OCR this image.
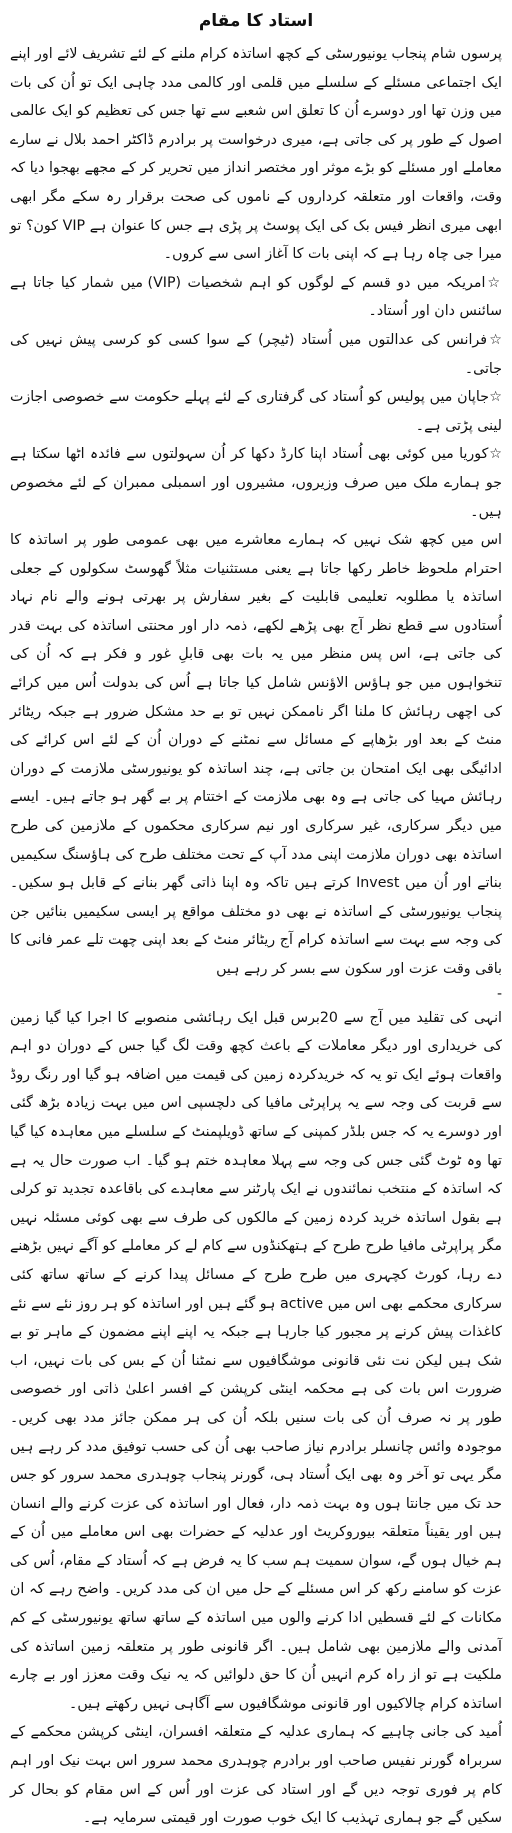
استاد کا مقام

پرسوں شام پنجاب یونیورسٹی کے کچھ اساتذہ کرام ملنے کے لئے تشریف لائے اور اپنے ایک اجتماعی مسئلے کے سلسلے میں قلمی اور کالمی مدد چاہی ایک تو اُن کی بات میں وزن تھا اور دوسرے اُن کا تعلق اس شعبے سے تھا جس کی تعظیم کو ایک عالمی اصول کے طور پر کی جاتی ہے، میری درخواست پر برادرم ڈاکٹر احمد بلال نے سارے معاملے اور مسئلے کو بڑے موثر اور مختصر انداز میں تحریر کر کے مجھے بھجوا دیا کہ وقت، واقعات اور متعلقہ کرداروں کے ناموں کی صحت برقرار رہ سکے مگر ابھی ابھی میری انظر فیس بک کی ایک پوسٹ پر پڑی ہے جس کا عنوان ہے VIP کون؟ تو میرا جی چاہ رہا ہے کہ اپنی بات کا آغاز اسی سے کروں۔

☆امریکہ میں دو قسم کے لوگوں کو اہم شخصیات (VIP) میں شمار کیا جاتا ہے سائنس دان اور اُستاد۔

☆فرانس کی عدالتوں میں اُستاد (ٹیچر) کے سوا کسی کو کرسی پیش نہیں کی جاتی۔

☆جاپان میں پولیس کو اُستاد کی گرفتاری کے لئے پہلے حکومت سے خصوصی اجازت لینی پڑتی ہے۔

☆کوریا میں کوئی بھی اُستاد اپنا کارڈ دکھا کر اُن سہولتوں سے فائدہ اٹھا سکتا ہے جو ہمارے ملک میں صرف وزیروں، مشیروں اور اسمبلی ممبران کے لئے مخصوص ہیں۔

اس میں کچھ شک نہیں کہ ہمارے معاشرے میں بھی عمومی طور پر اساتذہ کا احترام ملحوظ خاطر رکھا جاتا ہے یعنی مستثنیات مثلاً گھوسٹ سکولوں کے جعلی اساتذہ یا مطلوبہ تعلیمی قابلیت کے بغیر سفارش پر بھرتی ہونے والے نام نہاد اُستادوں سے قطع نظر آج بھی پڑھے لکھے، ذمہ دار اور محنتی اساتذہ کی بہت قدر کی جاتی ہے، اس پس منظر میں یہ بات بھی قابلِ غور و فکر ہے کہ اُن کی تنخواہوں میں جو ہاؤس الاؤنس شامل کیا جاتا ہے اُس کی بدولت اُس میں کرائے کی اچھی رہائش کا ملنا اگر ناممکن نہیں تو بے حد مشکل ضرور ہے جبکہ ریٹائر منٹ کے بعد اور بڑھاپے کے مسائل سے نمٹنے کے دوران اُن کے لئے اس کرائے کی ادائیگی بھی ایک امتحان بن جاتی ہے، چند اساتذہ کو یونیورسٹی ملازمت کے دوران رہائش مہیا کی جاتی ہے وہ بھی ملازمت کے اختتام پر بے گھر ہو جاتے ہیں۔ ایسے میں دیگر سرکاری، غیر سرکاری اور نیم سرکاری محکموں کے ملازمین کی طرح اساتذہ بھی دوران ملازمت اپنی مدد آپ کے تحت مختلف طرح کی ہاؤسنگ سکیمیں بناتے اور اُن میں Invest کرتے ہیں تاکہ وہ اپنا ذاتی گھر بنانے کے قابل ہو سکیں۔ پنجاب یونیورسٹی کے اساتذہ نے بھی دو مختلف مواقع پر ایسی سکیمیں بنائیں جن کی وجہ سے بہت سے اساتذہ کرام آج ریٹائر منٹ کے بعد اپنی چھت تلے عمر فانی کا باقی وقت عزت اور سکون سے بسر کر رہے ہیں

-

انہی کی تقلید میں آج سے 20برس قبل ایک رہائشی منصوبے کا اجرا کیا گیا زمین کی خریداری اور دیگر معاملات کے باعث کچھ وقت لگ گیا جس کے دوران دو اہم واقعات ہوئے ایک تو یہ کہ خریدکردہ زمین کی قیمت میں اضافہ ہو گیا اور رنگ روڈ سے قربت کی وجہ سے یہ پراپرٹی مافیا کی دلچسپی اس میں بہت زیادہ بڑھ گئی اور دوسرے یہ کہ جس بلڈر کمپنی کے ساتھ ڈویلپمنٹ کے سلسلے میں معاہدہ کیا گیا تھا وہ ٹوٹ گئی جس کی وجہ سے پہلا معاہدہ ختم ہو گیا۔ اب صورت حال یہ ہے کہ اساتذہ کے منتخب نمائندوں نے ایک پارٹنر سے معاہدے کی باقاعدہ تجدید تو کرلی ہے بقول اساتذہ خرید کردہ زمین کے مالکوں کی طرف سے بھی کوئی مسئلہ نہیں مگر پراپرٹی مافیا طرح طرح کے ہتھکنڈوں سے کام لے کر معاملے کو آگے نہیں بڑھنے دے رہا، کورٹ کچہری میں طرح طرح کے مسائل پیدا کرنے کے ساتھ ساتھ کئی سرکاری محکمے بھی اس میں active ہو گئے ہیں اور اساتذہ کو ہر روز نئے سے نئے کاغذات پیش کرنے پر مجبور کیا جارہا ہے جبکہ یہ اپنے اپنے مضمون کے ماہر تو بے شک ہیں لیکن نت نئی قانونی موشگافیوں سے نمٹنا اُن کے بس کی بات نہیں، اب ضرورت اس بات کی ہے محکمہ اینٹی کرپشن کے افسر اعلیٰ ذاتی اور خصوصی طور پر نہ صرف اُن کی بات سنیں بلکہ اُن کی ہر ممکن جائز مدد بھی کریں۔ موجودہ وائس چانسلر برادرم نیاز صاحب بھی اُن کی حسب توفیق مدد کر رہے ہیں مگر یہی تو آخر وہ بھی ایک اُستاد ہی، گورنر پنجاب چوہدری محمد سرور کو جس حد تک میں جانتا ہوں وہ بہت ذمہ دار، فعال اور اساتذہ کی عزت کرنے والے انسان ہیں اور یقیناً متعلقہ بیوروکریٹ اور عدلیہ کے حضرات بھی اس معاملے میں اُن کے ہم خیال ہوں گے، سوان سمیت ہم سب کا یہ فرض ہے کہ اُستاد کے مقام، اُس کی عزت کو سامنے رکھ کر اس مسئلے کے حل میں ان کی مدد کریں۔ واضح رہے کہ ان مکانات کے لئے قسطیں ادا کرنے والوں میں اساتذہ کے ساتھ ساتھ یونیورسٹی کے کم آمدنی والے ملازمین بھی شامل ہیں۔ اگر قانونی طور پر متعلقہ زمین اساتذہ کی ملکیت ہے تو از راہ کرم انہیں اُن کا حق دلوائیں کہ یہ نیک وقت معزز اور بے چارے اساتذہ کرام چالاکیوں اور قانونی موشگافیوں سے آگاہی نہیں رکھتے ہیں۔

اُمید کی جانی چاہیے کہ ہماری عدلیہ کے متعلقہ افسران، اینٹی کرپشن محکمے کے سربراہ گورنر نفیس صاحب اور برادرم چوہدری محمد سرور اس بہت نیک اور اہم کام پر فوری توجہ دیں گے اور استاد کی عزت اور اُس کے اس مقام کو بحال کر سکیں گے جو ہماری تہذیب کا ایک خوب صورت اور قیمتی سرمایہ ہے۔
